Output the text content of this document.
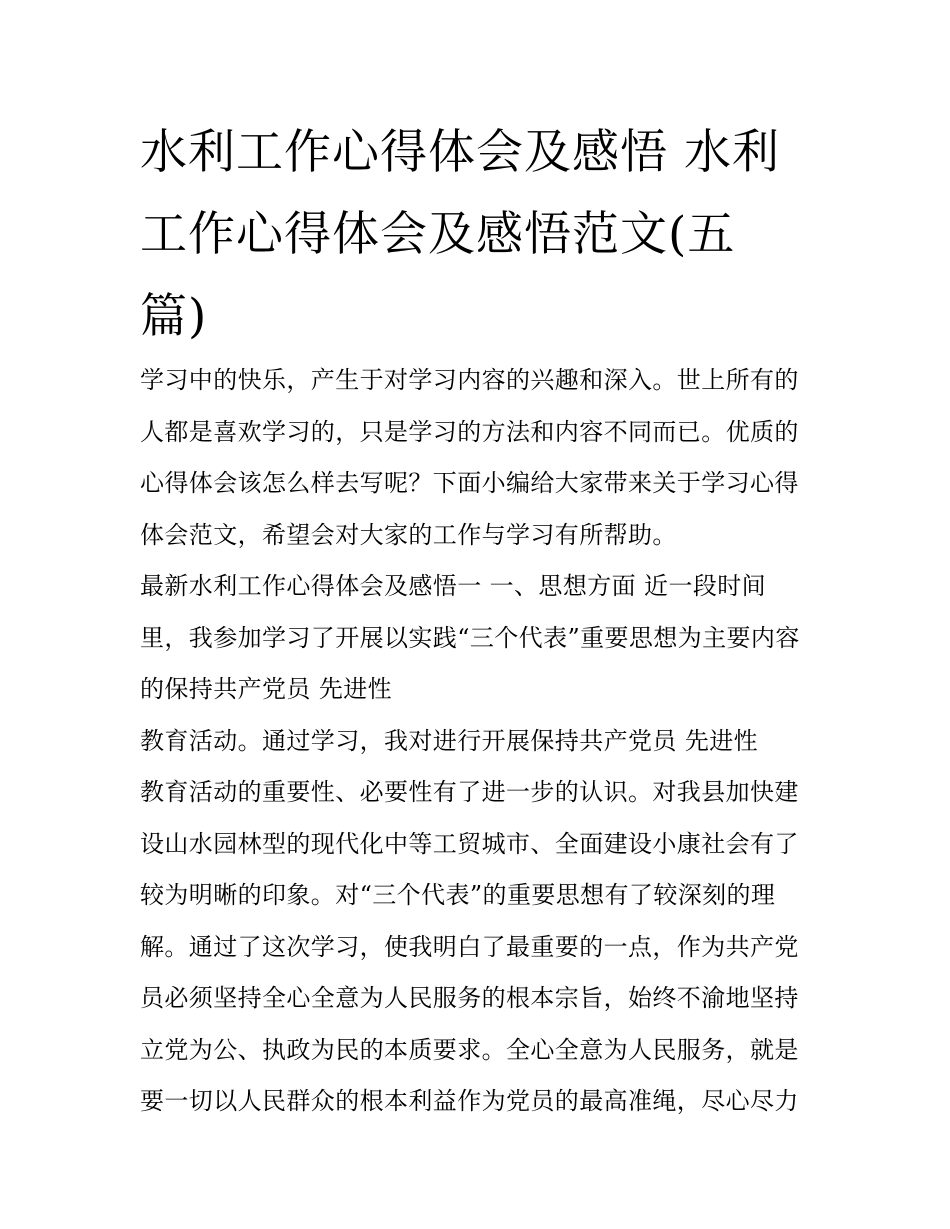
水利工作心得体会及感悟 水利
工作心得体会及感悟范文(五
篇)
学习中的快乐，产生于对学习内容的兴趣和深入。世上所有的
人都是喜欢学习的，只是学习的方法和内容不同而已。优质的
心得体会该怎么样去写呢？下面小编给大家带来关于学习心得
体会范文，希望会对大家的工作与学习有所帮助。
最新水利工作心得体会及感悟一 一、思想方面 近一段时间
里，我参加学习了开展以实践“三个代表”重要思想为主要内容
的保持共产党员 先进性
教育活动。通过学习，我对进行开展保持共产党员 先进性
教育活动的重要性、必要性有了进一步的认识。对我县加快建
设山水园林型的现代化中等工贸城市、全面建设小康社会有了
较为明晰的印象。对“三个代表”的重要思想有了较深刻的理
解。通过了这次学习，使我明白了最重要的一点，作为共产党
员必须坚持全心全意为人民服务的根本宗旨，始终不渝地坚持
立党为公、执政为民的本质要求。全心全意为人民服务，就是
要一切以人民群众的根本利益作为党员的最高准绳，尽心尽力
